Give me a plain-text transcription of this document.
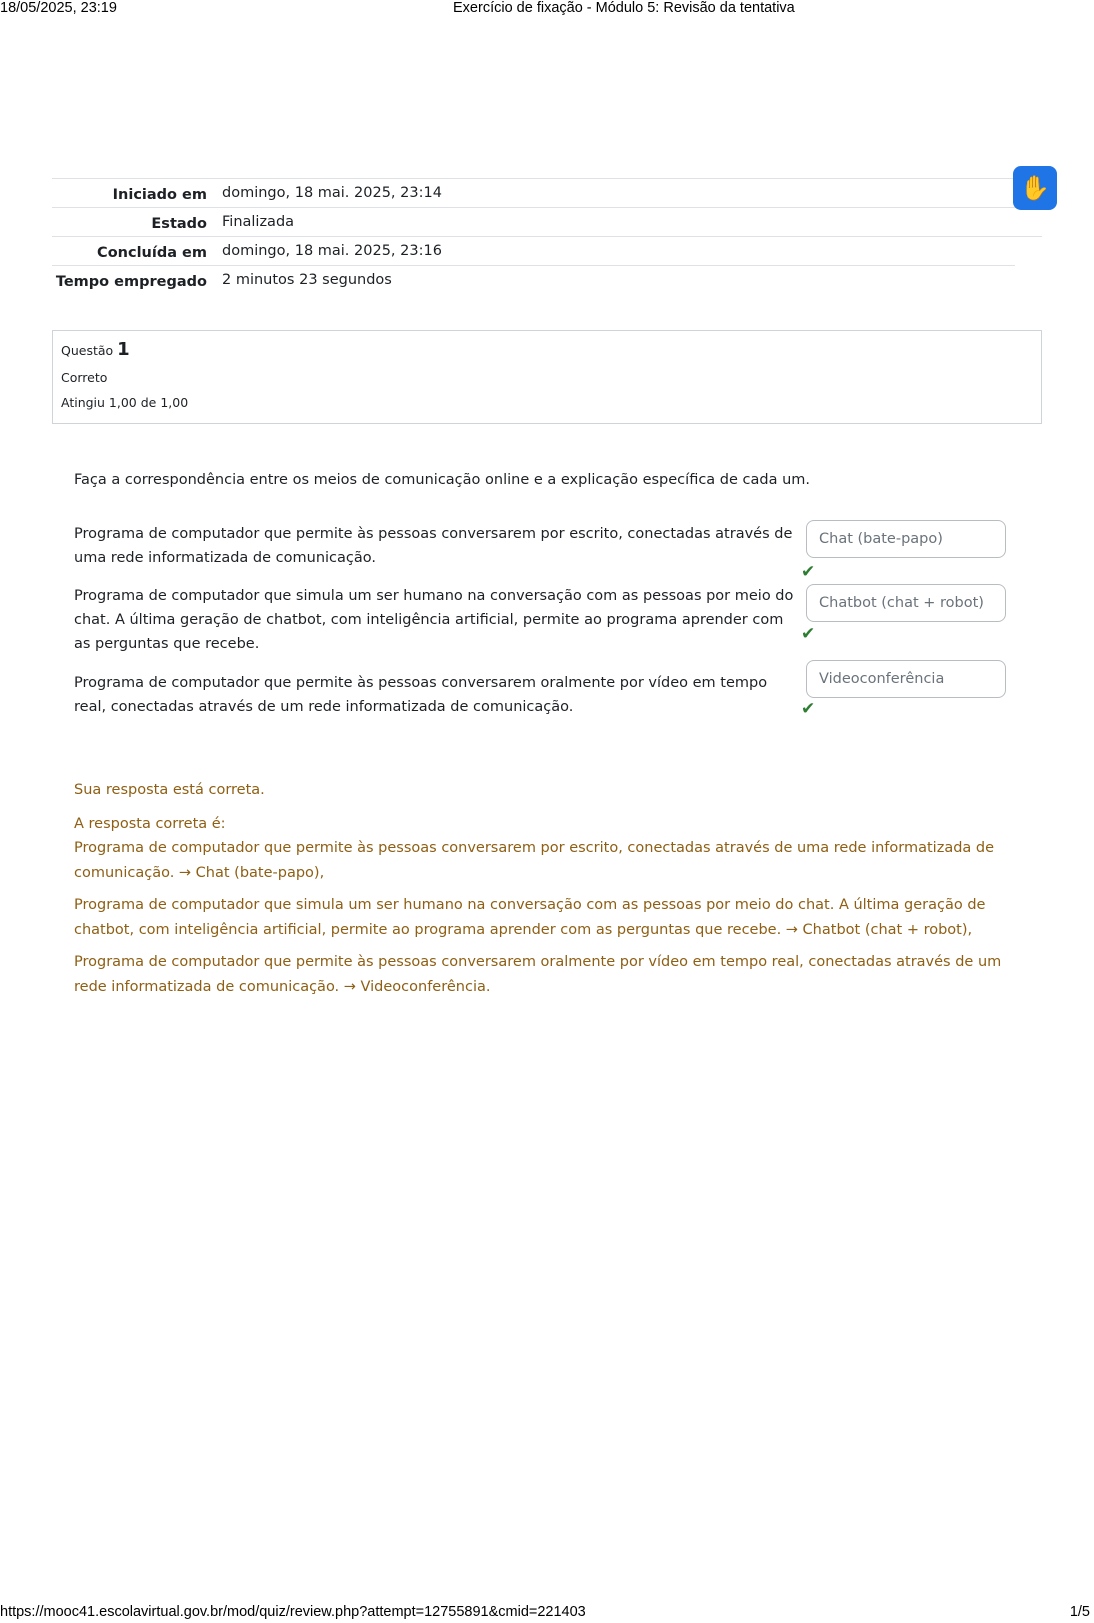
18/05/2025, 23:19	Exercício de fixação - Módulo 5: Revisão da tentativa
Iniciado em	domingo, 18 mai. 2025, 23:14
Estado	Finalizada
Concluída em	domingo, 18 mai. 2025, 23:16
Tempo empregado	2 minutos 23 segundos
✋
Questão 1
Correto
Atingiu 1,00 de 1,00
Faça a correspondência entre os meios de comunicação online e a explicação específica de cada um.
Programa de computador que permite às pessoas conversarem por escrito, conectadas através de uma rede informatizada de comunicação.
Chat (bate-papo)
✔
Programa de computador que simula um ser humano na conversação com as pessoas por meio do chat. A última geração de chatbot, com inteligência artificial, permite ao programa aprender com as perguntas que recebe.
Chatbot (chat + robot)
✔
Programa de computador que permite às pessoas conversarem oralmente por vídeo em tempo real, conectadas através de um rede informatizada de comunicação.
Videoconferência
✔

Sua resposta está correta.

A resposta correta é:

Programa de computador que permite às pessoas conversarem por escrito, conectadas através de uma rede informatizada de comunicação. → Chat (bate-papo),

Programa de computador que simula um ser humano na conversação com as pessoas por meio do chat. A última geração de chatbot, com inteligência artificial, permite ao programa aprender com as perguntas que recebe. → Chatbot (chat + robot),

Programa de computador que permite às pessoas conversarem oralmente por vídeo em tempo real, conectadas através de um rede informatizada de comunicação. → Videoconferência.

https://mooc41.escolavirtual.gov.br/mod/quiz/review.php?attempt=12755891&cmid=221403	1/5
